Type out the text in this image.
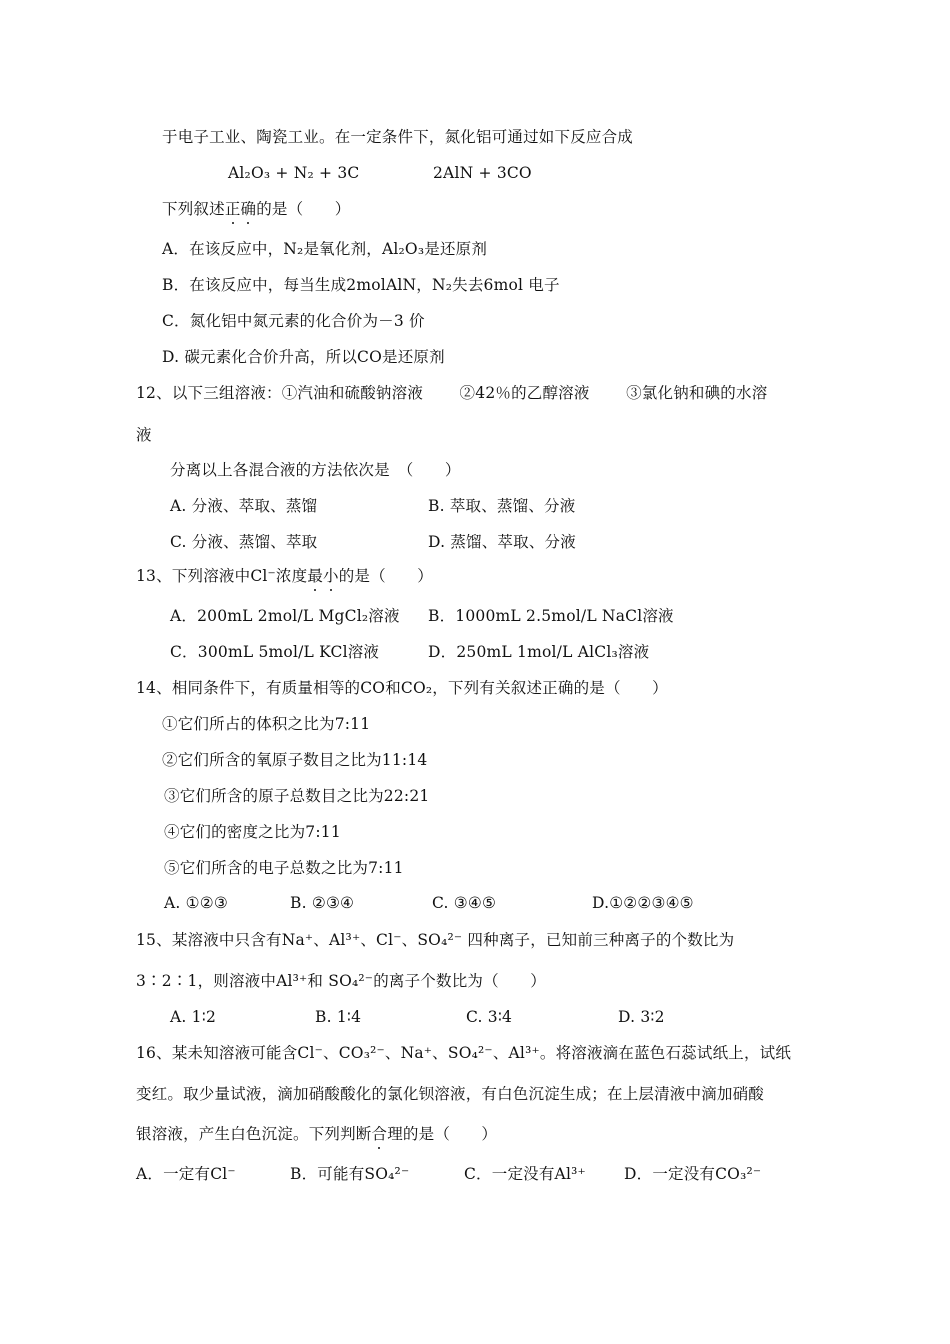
于电子工业、陶瓷工业。在一定条件下，氮化铝可通过如下反应合成
Al₂O₃ + N₂ + 3C	2AlN + 3CO
下列叙述正确的是（　　）
A．在该反应中，N₂是氧化剂，Al₂O₃是还原剂
B．在该反应中，每当生成2molAlN，N₂失去6mol 电子
C．氮化铝中氮元素的化合价为－3 价
D. 碳元素化合价升高，所以CO是还原剂
12、以下三组溶液：①汽油和硫酸钠溶液　　 ②42％的乙醇溶液　　 ③氯化钠和碘的水溶
液
分离以上各混合液的方法依次是　（　　）
A. 分液、萃取、蒸馏	B. 萃取、蒸馏、分液
C. 分液、蒸馏、萃取	D. 蒸馏、萃取、分液
13、下列溶液中Cl⁻浓度最小的是（　　）
A．200mL 2mol/L MgCl₂溶液 B．1000mL 2.5mol/L NaCl溶液
C．300mL 5mol/L KCl溶液	D．250mL 1mol/L AlCl₃溶液
14、相同条件下，有质量相等的CO和CO₂，下列有关叙述正确的是（　　）
①它们所占的体积之比为7:11
②它们所含的氧原子数目之比为11:14
③它们所含的原子总数目之比为22:21
④它们的密度之比为7:11
⑤它们所含的电子总数之比为7:11
A. ①②③	B. ②③④	C. ③④⑤	D.①②②③④⑤
15、某溶液中只含有Na⁺、Al³⁺、Cl⁻、SO₄²⁻ 四种离子，已知前三种离子的个数比为
3∶2∶1，则溶液中Al³⁺和 SO₄²⁻的离子个数比为（　　）
A. 1∶2	B. 1∶4	C. 3∶4	D. 3∶2
16、某未知溶液可能含Cl⁻、CO₃²⁻、Na⁺、SO₄²⁻、Al³⁺。将溶液滴在蓝色石蕊试纸上，试纸
变红。取少量试液，滴加硝酸酸化的氯化钡溶液，有白色沉淀生成；在上层清液中滴加硝酸
银溶液，产生白色沉淀。下列判断合理的是（　　）
A．一定有Cl⁻	B．可能有SO₄²⁻	C．一定没有Al³⁺ D．一定没有CO₃²⁻
